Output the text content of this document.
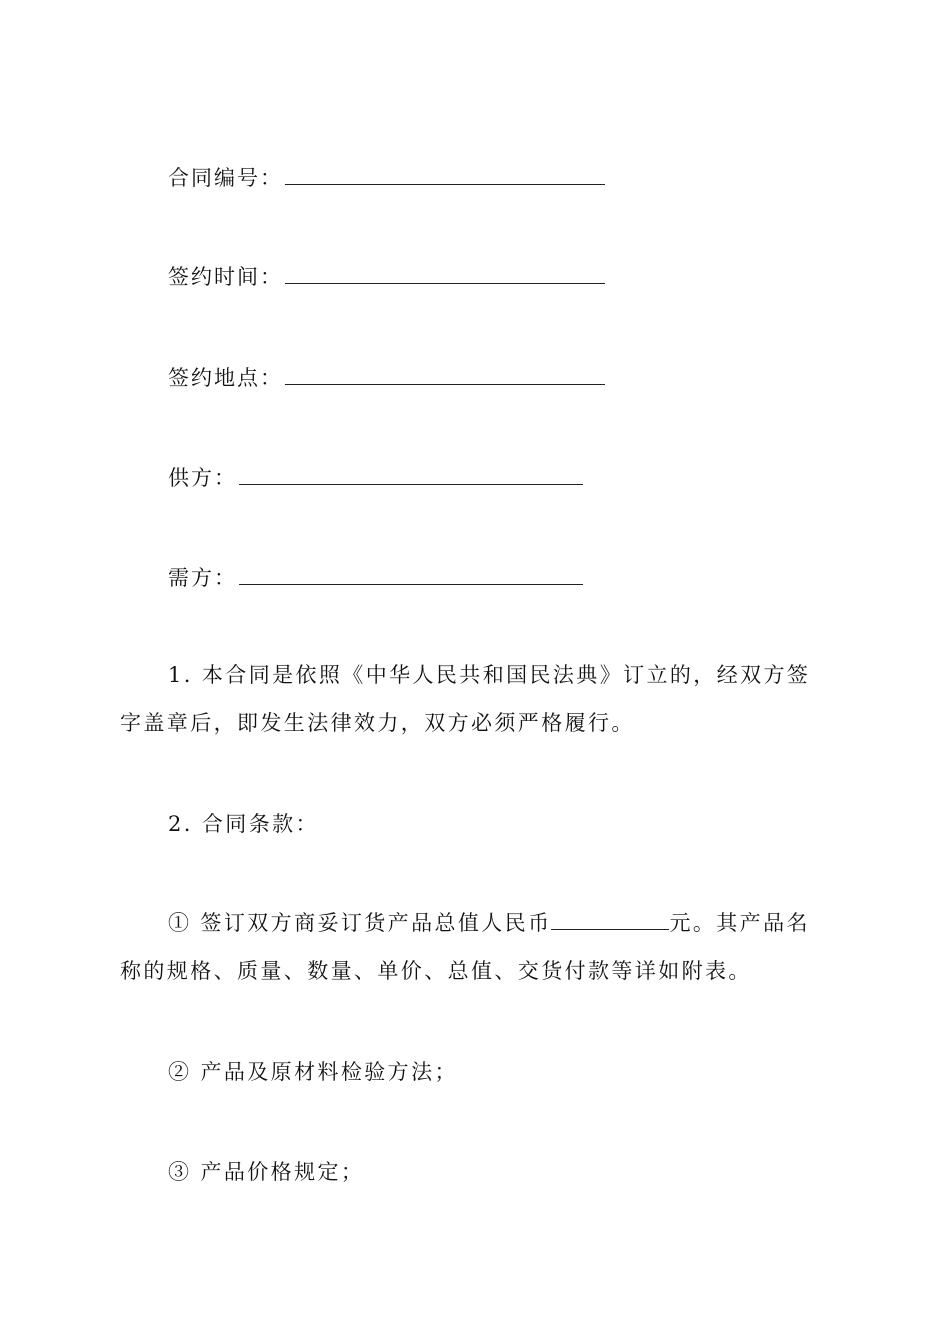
合同编号：
签约时间：
签约地点：
供方：
需方：

1. 本合同是依照《中华人民共和国民法典》订立的，经双方签字盖章后，即发生法律效力，双方必须严格履行。

2. 合同条款：

① 签订双方商妥订货产品总值人民币	元。其产品名称的规格、质量、数量、单价、总值、交货付款等详如附表。

② 产品及原材料检验方法；

③ 产品价格规定；
